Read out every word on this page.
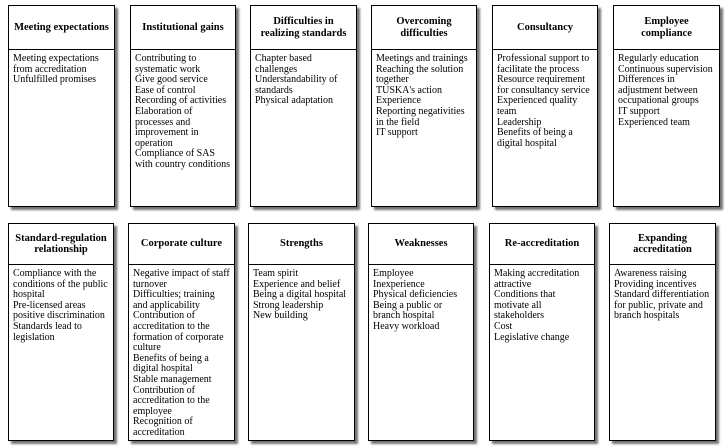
Meeting expectations
Meeting expectations from accreditation
Unfulfilled promises
Institutional gains
Contributing to systematic work
Give good service
Ease of control
Recording of activities
Elaboration of processes and improvement in operation
Compliance of SAS with country conditions
Difficulties in realizing standards
Chapter based challenges
Understandability of standards
Physical adaptation
Overcoming difficulties
Meetings and trainings
Reaching the solution together
TUSKA's action
Experience
Reporting negativities in the field
IT support
Consultancy
Professional support to facilitate the process
Resource requirement for consultancy service
Experienced quality team
Leadership
Benefits of being a digital hospital
Employee compliance
Regularly education
Continuous supervision
Differences in adjustment between occupational groups
IT support
Experienced team
Standard-regulation relationship
Compliance with the conditions of the public hospital
Pre-licensed areas positive discrimination
Standards lead to legislation
Corporate culture
Negative impact of staff turnover
Difficulties; training and applicability
Contribution of accreditation to the formation of corporate culture
Benefits of being a digital hospital
Stable management
Contribution of accreditation to the employee
Recognition of accreditation
Strengths
Team spirit
Experience and belief
Being a digital hospital
Strong leadership
New building
Weaknesses
Employee
Inexperience
Physical deficiencies
Being a public or branch hospital
Heavy workload
Re-accreditation
Making accreditation attractive
Conditions that motivate all stakeholders
Cost
Legislative change
Expanding accreditation
Awareness raising
Providing incentives
Standard differentiation for public, private and branch hospitals
